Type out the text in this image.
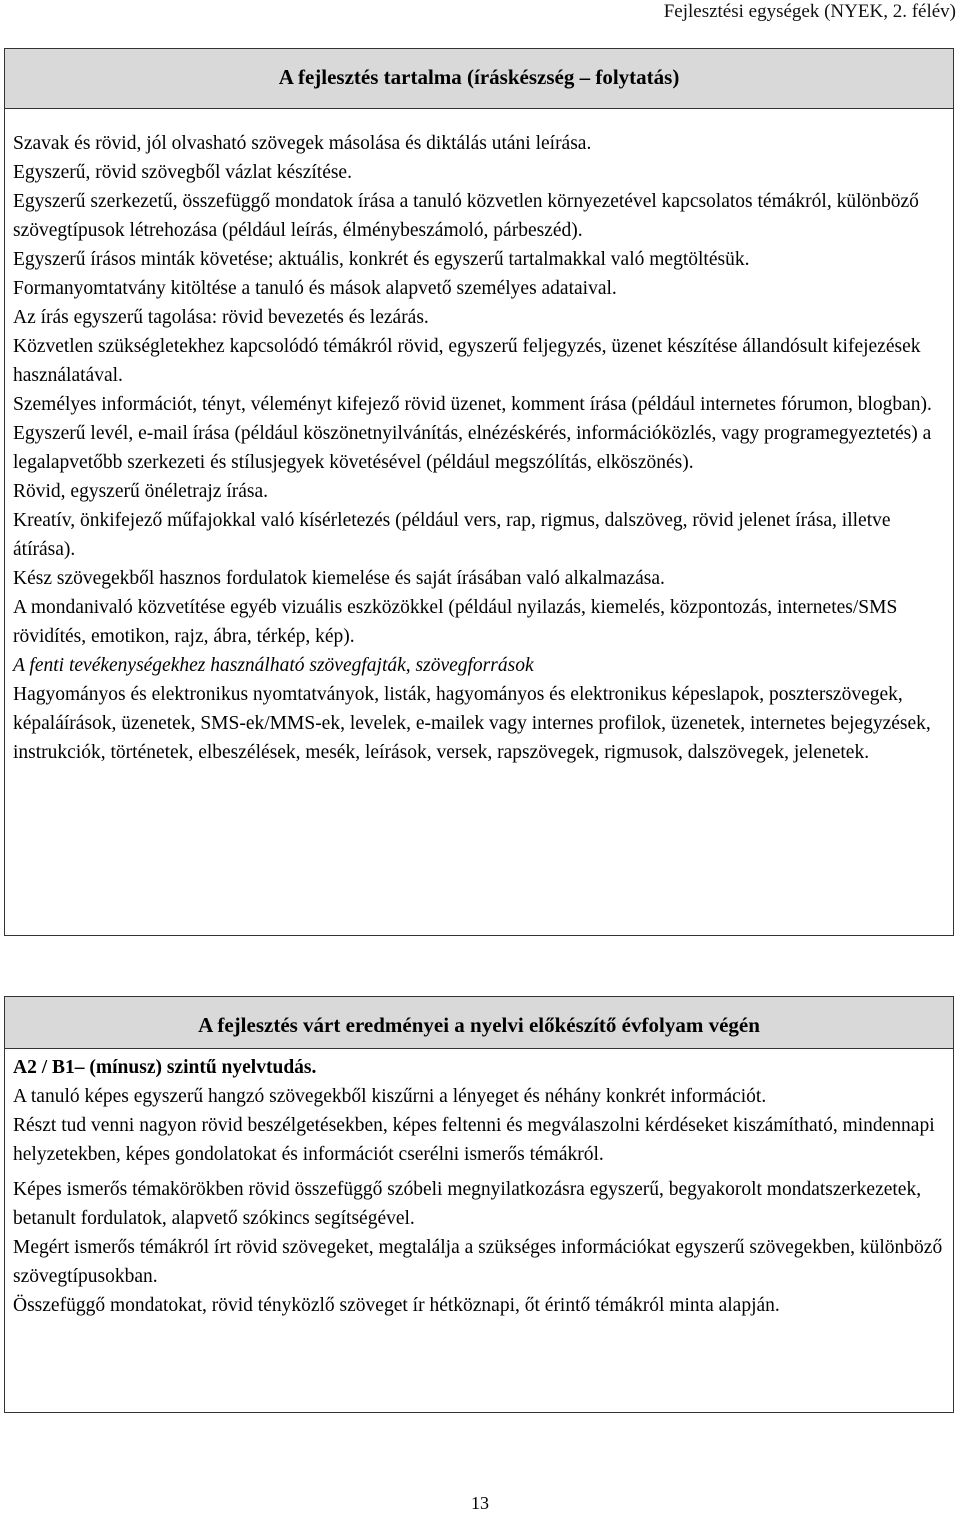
Fejlesztési egységek (NYEK, 2. félév)
A fejlesztés tartalma (íráskészség – folytatás)

Szavak és rövid, jól olvasható szövegek másolása és diktálás utáni leírása.

Egyszerű, rövid szövegből vázlat készítése.

Egyszerű szerkezetű, összefüggő mondatok írása a tanuló közvetlen környezetével kapcsolatos témákról, különböző szövegtípusok létrehozása (például leírás, élménybeszámoló, párbeszéd).

Egyszerű írásos minták követése; aktuális, konkrét és egyszerű tartalmakkal való megtöltésük.

Formanyomtatvány kitöltése a tanuló és mások alapvető személyes adataival.

Az írás egyszerű tagolása: rövid bevezetés és lezárás.

Közvetlen szükségletekhez kapcsolódó témákról rövid, egyszerű feljegyzés, üzenet készítése állandósult kifejezések használatával.

Személyes információt, tényt, véleményt kifejező rövid üzenet, komment írása (például internetes fórumon, blogban).

Egyszerű levél, e-mail írása (például köszönetnyilvánítás, elnézéskérés, információközlés, vagy programegyeztetés) a legalapvetőbb szerkezeti és stílusjegyek követésével (például megszólítás, elköszönés).

Rövid, egyszerű önéletrajz írása.

Kreatív, önkifejező műfajokkal való kísérletezés (például vers, rap, rigmus, dalszöveg, rövid jelenet írása, illetve átírása).

Kész szövegekből hasznos fordulatok kiemelése és saját írásában való alkalmazása.

A mondanivaló közvetítése egyéb vizuális eszközökkel (például nyilazás, kiemelés, központozás, internetes/SMS rövidítés, emotikon, rajz, ábra, térkép, kép).

A fenti tevékenységekhez használható szövegfajták, szövegforrások

Hagyományos és elektronikus nyomtatványok, listák, hagyományos és elektronikus képeslapok, poszterszövegek, képaláírások, üzenetek, SMS-ek/MMS-ek, levelek, e-mailek vagy internes profilok, üzenetek, internetes bejegyzések, instrukciók, történetek, elbeszélések, mesék, leírások, versek, rapszövegek, rigmusok, dalszövegek, jelenetek.

A fejlesztés várt eredményei a nyelvi előkészítő évfolyam végén

A2 / B1– (mínusz) szintű nyelvtudás.

A tanuló képes egyszerű hangzó szövegekből kiszűrni a lényeget és néhány konkrét információt.

Részt tud venni nagyon rövid beszélgetésekben, képes feltenni és megválaszolni kérdéseket kiszámítható, mindennapi helyzetekben, képes gondolatokat és információt cserélni ismerős témákról.

Képes ismerős témakörökben rövid összefüggő szóbeli megnyilatkozásra egyszerű, begyakorolt mondatszerkezetek, betanult fordulatok, alapvető szókincs segítségével.

Megért ismerős témákról írt rövid szövegeket, megtalálja a szükséges információkat egyszerű szövegekben, különböző szövegtípusokban.

Összefüggő mondatokat, rövid tényközlő szöveget ír hétköznapi, őt érintő témákról minta alapján.

13
